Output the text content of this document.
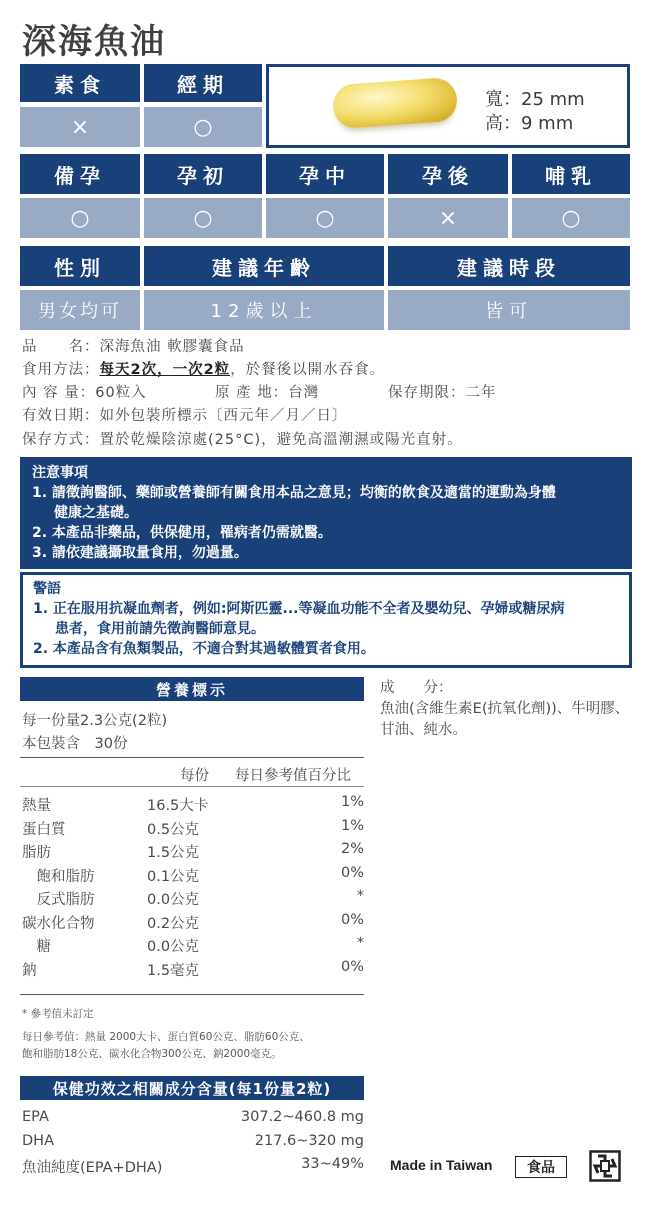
深海魚油
素食	經期
×	○
寬：25 mm
高：9 mm
備孕	孕初	孕中	孕後	哺乳
○	○	○	×	○
性別	建議年齡	建議時段
男女均可	12歲以上	皆可
品　　名：深海魚油 軟膠囊食品
食用方法：每天2次，一次2粒，於餐後以開水吞食。
內 容 量：60粒入	原 產 地：台灣	保存期限：二年
有效日期：如外包裝所標示〔西元年／月／日〕
保存方式：置於乾燥陰涼處(25°C)，避免高溫潮濕或陽光直射。
注意事項
1. 請徵詢醫師、藥師或營養師有關食用本品之意見；均衡的飲食及適當的運動為身體
健康之基礎。
2. 本產品非藥品，供保健用，罹病者仍需就醫。
3. 請依建議攝取量食用，勿過量。
警語
1. 正在服用抗凝血劑者，例如:阿斯匹靈...等凝血功能不全者及嬰幼兒、孕婦或糖尿病
患者，食用前請先徵詢醫師意見。
2. 本產品含有魚類製品，不適合對其過敏體質者食用。
營養標示
每一份量2.3公克(2粒)
本包裝含　30份
每份 每日參考值百分比
熱量	16.5大卡	1%
蛋白質	0.5公克	1%
脂肪	1.5公克	2%
　飽和脂肪	0.1公克	0%
　反式脂肪	0.0公克	*
碳水化合物	0.2公克	0%
　糖	0.0公克	*
鈉	1.5毫克	0%
* 參考值未訂定
每日參考值：熱量 2000大卡、蛋白質60公克、脂肪60公克、
飽和脂肪18公克、碳水化合物300公克、鈉2000毫克。
保健功效之相關成分含量(每1份量2粒)
EPA	307.2~460.8 mg
DHA	217.6~320 mg
魚油純度(EPA+DHA)	33~49%
成　　分：
魚油(含維生素E(抗氧化劑))、牛明膠、甘油、純水。
Made in Taiwan	食品
